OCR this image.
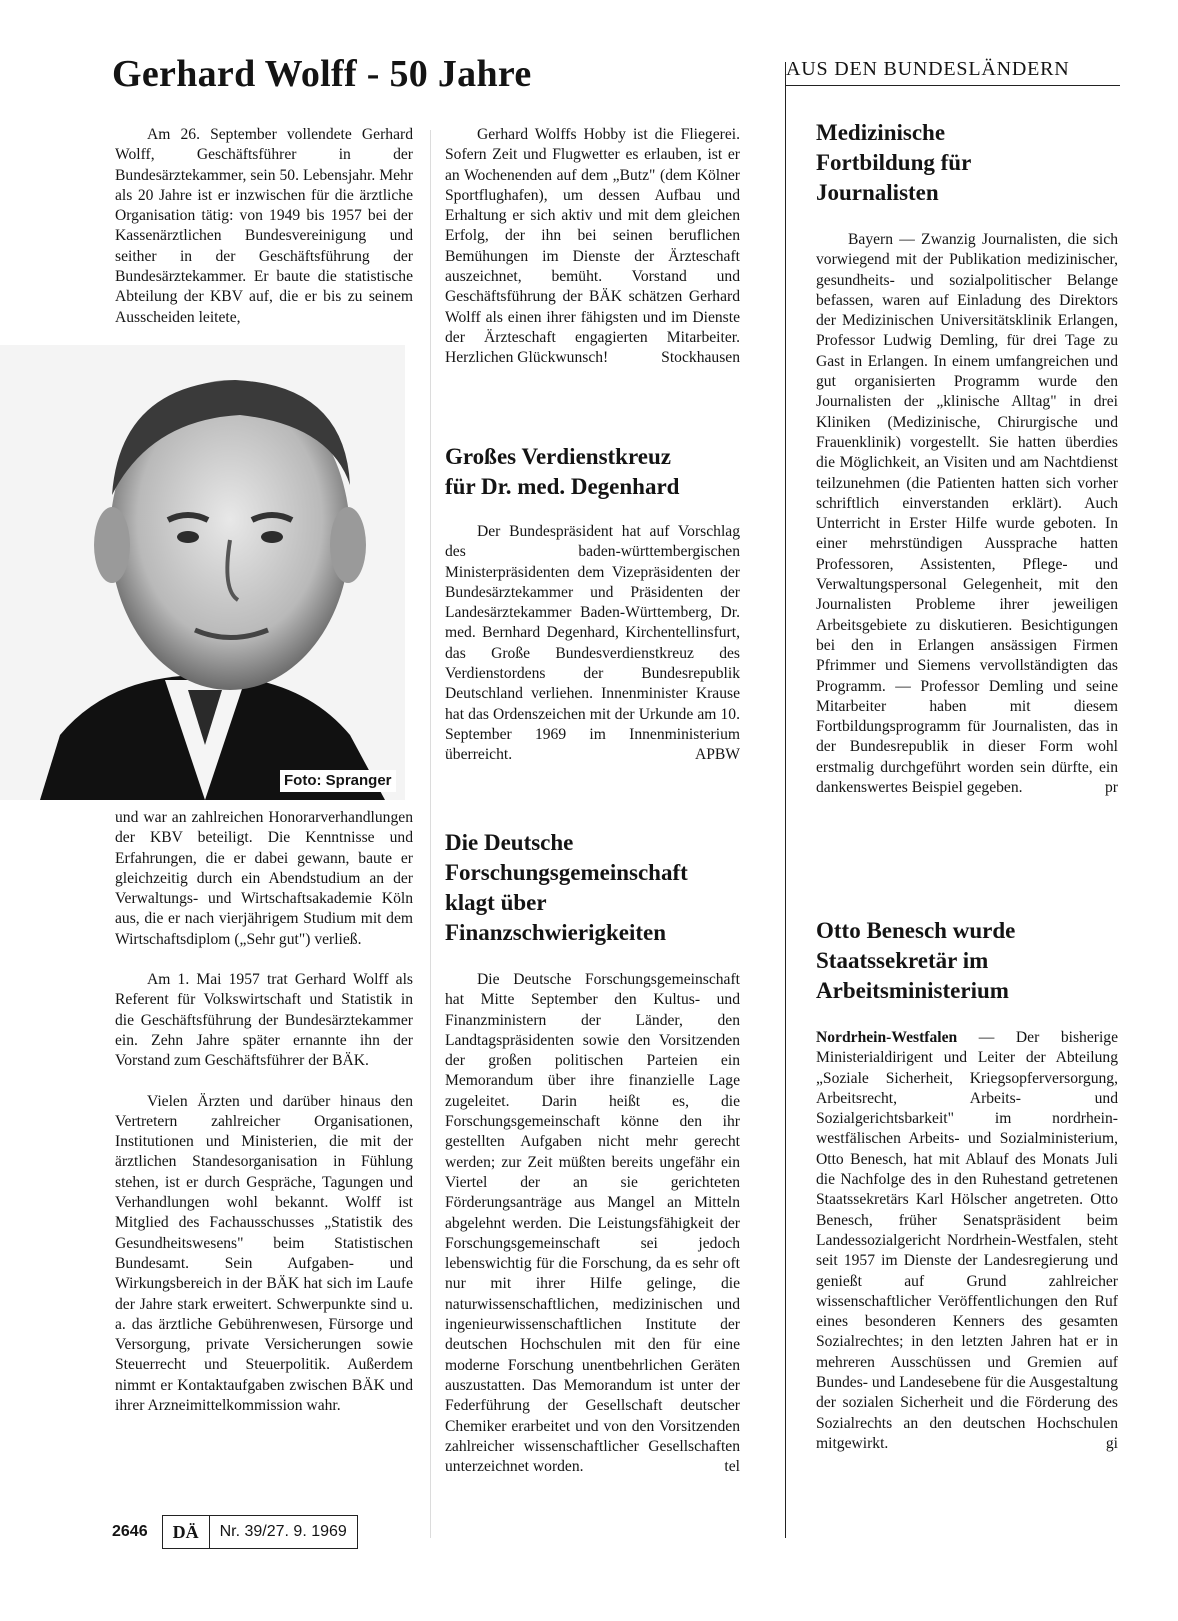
Gerhard Wolff - 50 Jahre	AUS DEN BUNDESLÄNDERN

Am 26. September vollendete Gerhard Wolff, Geschäftsführer in der Bundesärztekammer, sein 50. Lebensjahr. Mehr als 20 Jahre ist er inzwischen für die ärztliche Organisation tätig: von 1949 bis 1957 bei der Kassenärztlichen Bundesvereinigung und seither in der Geschäftsführung der Bundesärztekammer. Er baute die statistische Abteilung der KBV auf, die er bis zu seinem Ausscheiden leitete,

Foto: Spranger

und war an zahlreichen Honorarverhandlungen der KBV beteiligt. Die Kenntnisse und Erfahrungen, die er dabei gewann, baute er gleichzeitig durch ein Abendstudium an der Verwaltungs- und Wirtschaftsakademie Köln aus, die er nach vierjährigem Studium mit dem Wirtschaftsdiplom („Sehr gut") verließ.

Am 1. Mai 1957 trat Gerhard Wolff als Referent für Volkswirtschaft und Statistik in die Geschäftsführung der Bundesärztekammer ein. Zehn Jahre später ernannte ihn der Vorstand zum Geschäftsführer der BÄK.

Vielen Ärzten und darüber hinaus den Vertretern zahlreicher Organisationen, Institutionen und Ministerien, die mit der ärztlichen Standesorganisation in Fühlung stehen, ist er durch Gespräche, Tagungen und Verhandlungen wohl bekannt. Wolff ist Mitglied des Fachausschusses „Statistik des Gesundheitswesens" beim Statistischen Bundesamt. Sein Aufgaben- und Wirkungsbereich in der BÄK hat sich im Laufe der Jahre stark erweitert. Schwerpunkte sind u. a. das ärztliche Gebührenwesen, Fürsorge und Versorgung, private Versicherungen sowie Steuerrecht und Steuerpolitik. Außerdem nimmt er Kontaktaufgaben zwischen BÄK und ihrer Arzneimittelkommission wahr.

Gerhard Wolffs Hobby ist die Fliegerei. Sofern Zeit und Flugwetter es erlauben, ist er an Wochenenden auf dem „Butz" (dem Kölner Sportflughafen), um dessen Aufbau und Erhaltung er sich aktiv und mit dem gleichen Erfolg, der ihn bei seinen beruflichen Bemühungen im Dienste der Ärzteschaft auszeichnet, bemüht. Vorstand und Geschäftsführung der BÄK schätzen Gerhard Wolff als einen ihrer fähigsten und im Dienste der Ärzteschaft engagierten Mitarbeiter. Herzlichen Glückwunsch!	Stockhausen

Großes Verdienstkreuz
für Dr. med. Degenhard

Der Bundespräsident hat auf Vorschlag des baden-württembergischen Ministerpräsidenten dem Vizepräsidenten der Bundesärztekammer und Präsidenten der Landesärztekammer Baden-Württemberg, Dr. med. Bernhard Degenhard, Kirchentellinsfurt, das Große Bundesverdienstkreuz des Verdienstordens der Bundesrepublik Deutschland verliehen. Innenminister Krause hat das Ordenszeichen mit der Urkunde am 10. September 1969 im Innenministerium überreicht.	APBW

Die Deutsche
Forschungsgemeinschaft
klagt über
Finanzschwierigkeiten

Die Deutsche Forschungsgemeinschaft hat Mitte September den Kultus- und Finanzministern der Länder, den Landtagspräsidenten sowie den Vorsitzenden der großen politischen Parteien ein Memorandum über ihre finanzielle Lage zugeleitet. Darin heißt es, die Forschungsgemeinschaft könne den ihr gestellten Aufgaben nicht mehr gerecht werden; zur Zeit müßten bereits ungefähr ein Viertel der an sie gerichteten Förderungsanträge aus Mangel an Mitteln abgelehnt werden. Die Leistungsfähigkeit der Forschungsgemeinschaft sei jedoch lebenswichtig für die Forschung, da es sehr oft nur mit ihrer Hilfe gelinge, die naturwissenschaftlichen, medizinischen und ingenieurwissenschaftlichen Institute der deutschen Hochschulen mit den für eine moderne Forschung unentbehrlichen Geräten auszustatten. Das Memorandum ist unter der Federführung der Gesellschaft deutscher Chemiker erarbeitet und von den Vorsitzenden zahlreicher wissenschaftlicher Gesellschaften unterzeichnet worden.	tel

Medizinische
Fortbildung für
Journalisten

Bayern — Zwanzig Journalisten, die sich vorwiegend mit der Publikation medizinischer, gesundheits- und sozialpolitischer Belange befassen, waren auf Einladung des Direktors der Medizinischen Universitätsklinik Erlangen, Professor Ludwig Demling, für drei Tage zu Gast in Erlangen. In einem umfangreichen und gut organisierten Programm wurde den Journalisten der „klinische Alltag" in drei Kliniken (Medizinische, Chirurgische und Frauenklinik) vorgestellt. Sie hatten überdies die Möglichkeit, an Visiten und am Nachtdienst teilzunehmen (die Patienten hatten sich vorher schriftlich einverstanden erklärt). Auch Unterricht in Erster Hilfe wurde geboten. In einer mehrstündigen Aussprache hatten Professoren, Assistenten, Pflege- und Verwaltungspersonal Gelegenheit, mit den Journalisten Probleme ihrer jeweiligen Arbeitsgebiete zu diskutieren. Besichtigungen bei den in Erlangen ansässigen Firmen Pfrimmer und Siemens vervollständigten das Programm. — Professor Demling und seine Mitarbeiter haben mit diesem Fortbildungsprogramm für Journalisten, das in der Bundesrepublik in dieser Form wohl erstmalig durchgeführt worden sein dürfte, ein dankenswertes Beispiel gegeben.	pr

Otto Benesch wurde
Staatssekretär im
Arbeitsministerium

Nordrhein-Westfalen — Der bisherige Ministerialdirigent und Leiter der Abteilung „Soziale Sicherheit, Kriegsopferversorgung, Arbeitsrecht, Arbeits- und Sozialgerichtsbarkeit" im nordrhein-westfälischen Arbeits- und Sozialministerium, Otto Benesch, hat mit Ablauf des Monats Juli die Nachfolge des in den Ruhestand getretenen Staatssekretärs Karl Hölscher angetreten. Otto Benesch, früher Senatspräsident beim Landessozialgericht Nordrhein-Westfalen, steht seit 1957 im Dienste der Landesregierung und genießt auf Grund zahlreicher wissenschaftlicher Veröffentlichungen den Ruf eines besonderen Kenners des gesamten Sozialrechtes; in den letzten Jahren hat er in mehreren Ausschüssen und Gremien auf Bundes- und Landesebene für die Ausgestaltung der sozialen Sicherheit und die Förderung des Sozialrechts an den deutschen Hochschulen mitgewirkt.	gi

2646	DÄ	Nr. 39/27. 9. 1969
